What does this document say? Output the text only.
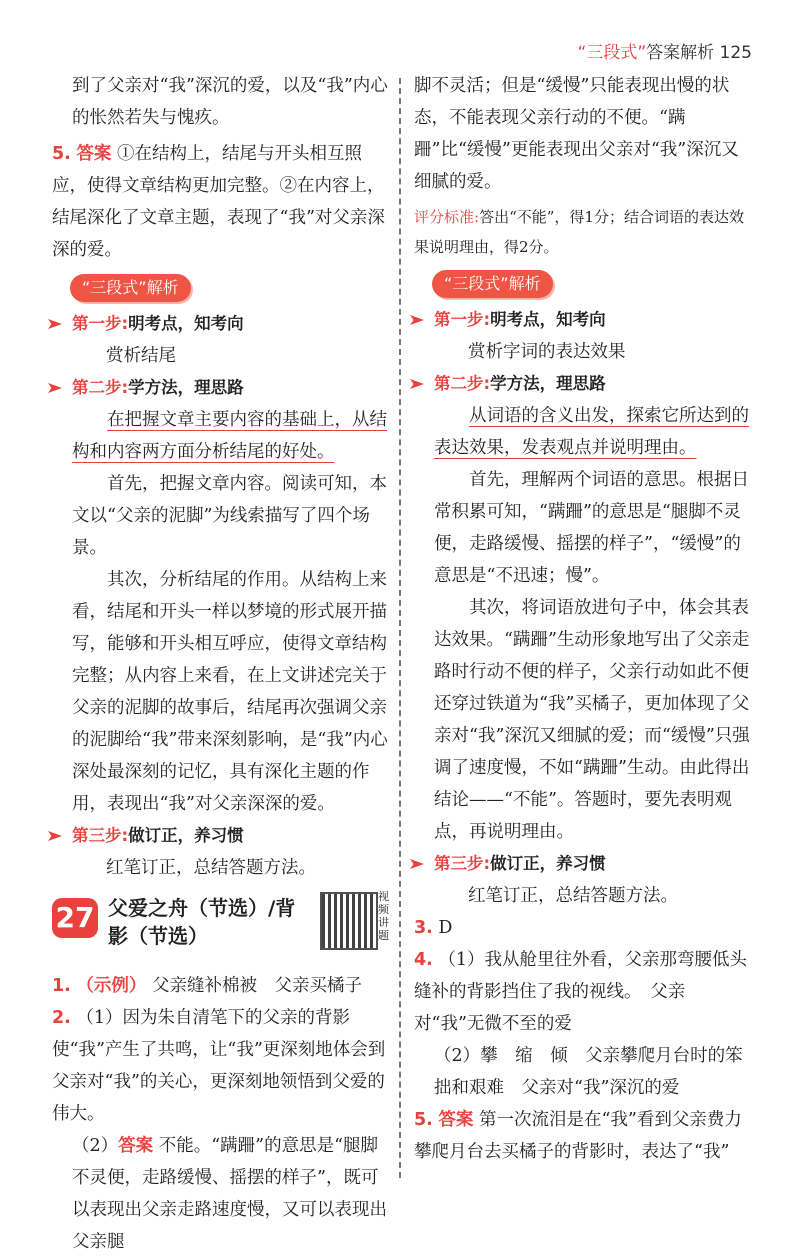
“三段式”答案解析 125

到了父亲对“我”深沉的爱，以及“我”内心的怅然若失与愧疚。

5. 答案 ①在结构上，结尾与开头相互照应，使得文章结构更加完整。②在内容上，结尾深化了文章主题，表现了“我”对父亲深深的爱。

“三段式”解析
第一步:明考点，知考向

赏析结尾

第二步:学方法，理思路

在把握文章主要内容的基础上，从结构和内容两方面分析结尾的好处。

首先，把握文章内容。阅读可知，本文以“父亲的泥脚”为线索描写了四个场景。

其次，分析结尾的作用。从结构上来看，结尾和开头一样以梦境的形式展开描写，能够和开头相互呼应，使得文章结构完整；从内容上来看，在上文讲述完关于父亲的泥脚的故事后，结尾再次强调父亲的泥脚给“我”带来深刻影响，是“我”内心深处最深刻的记忆，具有深化主题的作用，表现出“我”对父亲深深的爱。

第三步:做订正，养习惯

红笔订正，总结答题方法。

27 父爱之舟（节选）/背影（节选）
视频讲题

1. （示例） 父亲缝补棉被　父亲买橘子

2. （1）因为朱自清笔下的父亲的背影使“我”产生了共鸣，让“我”更深刻地体会到父亲对“我”的关心，更深刻地领悟到父爱的伟大。

（2）答案 不能。“蹒跚”的意思是“腿脚不灵便，走路缓慢、摇摆的样子”，既可以表现出父亲走路速度慢，又可以表现出父亲腿

脚不灵活；但是“缓慢”只能表现出慢的状态，不能表现父亲行动的不便。“蹒跚”比“缓慢”更能表现出父亲对“我”深沉又细腻的爱。

评分标准:答出“不能”，得1分；结合词语的表达效果说明理由，得2分。

“三段式”解析
第一步:明考点，知考向

赏析字词的表达效果

第二步:学方法，理思路

从词语的含义出发，探索它所达到的表达效果，发表观点并说明理由。

首先，理解两个词语的意思。根据日常积累可知，“蹒跚”的意思是“腿脚不灵便，走路缓慢、摇摆的样子”，“缓慢”的意思是“不迅速；慢”。

其次，将词语放进句子中，体会其表达效果。“蹒跚”生动形象地写出了父亲走路时行动不便的样子，父亲行动如此不便还穿过铁道为“我”买橘子，更加体现了父亲对“我”深沉又细腻的爱；而“缓慢”只强调了速度慢，不如“蹒跚”生动。由此得出结论——“不能”。答题时，要先表明观点，再说明理由。

第三步:做订正，养习惯

红笔订正，总结答题方法。

3. D

4. （1）我从舱里往外看，父亲那弯腰低头缝补的背影挡住了我的视线。　父亲对“我”无微不至的爱

（2）攀　缩　倾　父亲攀爬月台时的笨拙和艰难　父亲对“我”深沉的爱

5. 答案 第一次流泪是在“我”看到父亲费力攀爬月台去买橘子的背影时，表达了“我”
